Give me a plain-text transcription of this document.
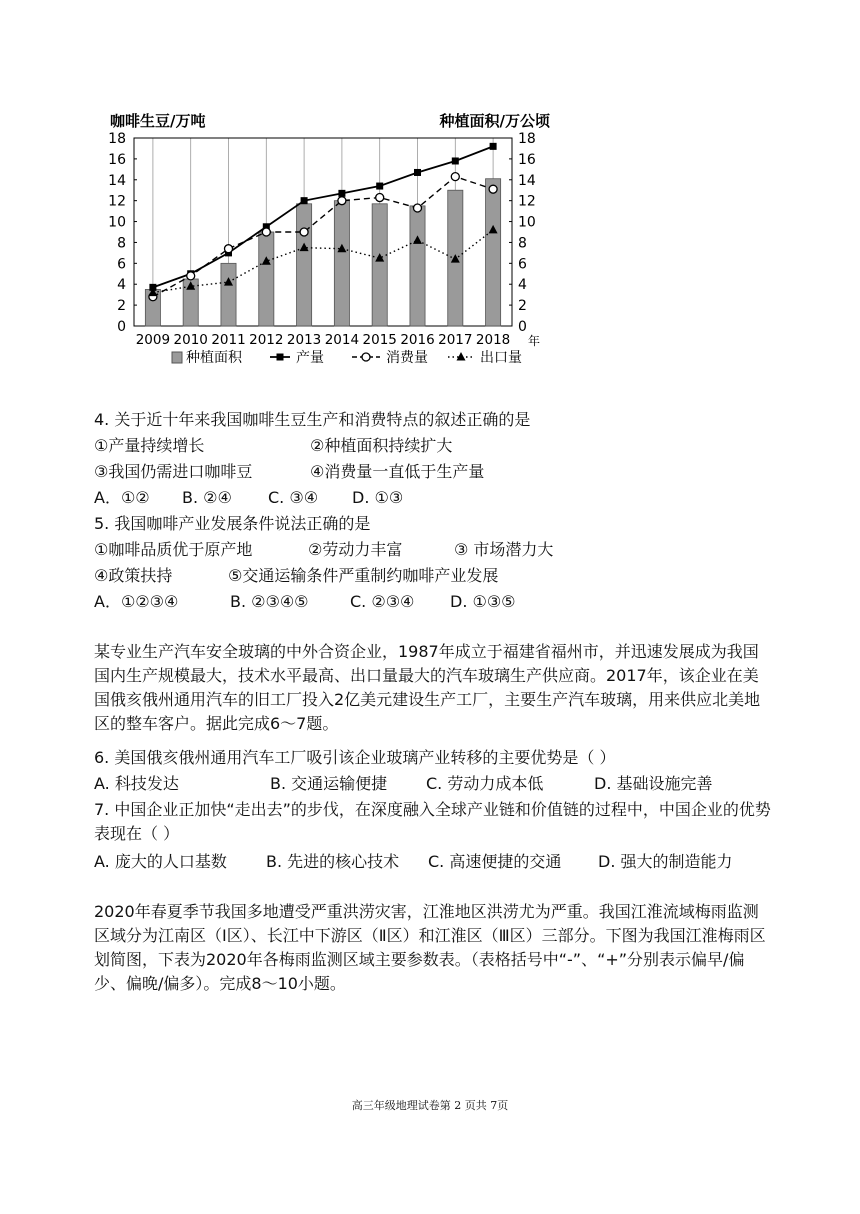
咖啡生豆/万吨	种植面积/万公顷
0
2
4
6
8
10
12
14
16
18
0
2
4
6
8
10
12
14
16
18
2009 2010 2011 2012 2013 2014 2015 2016 2017 2018 年
种植面积	产量	消费量	出口量
4. 关于近十年来我国咖啡生豆生产和消费特点的叙述正确的是
①产量持续增长	②种植面积持续扩大
③我国仍需进口咖啡豆	④消费量一直低于生产量
A．①② B. ②④ C. ③④ D. ①③
5. 我国咖啡产业发展条件说法正确的是
①咖啡品质优于原产地	②劳动力丰富	③ 市场潜力大
④政策扶持	⑤交通运输条件严重制约咖啡产业发展
A．①②③④	B. ②③④⑤	C. ②③④ D. ①③⑤
某专业生产汽车安全玻璃的中外合资企业，1987年成立于福建省福州市，并迅速发展成为我国国内生产规模最大，技术水平最高、出口量最大的汽车玻璃生产供应商。2017年，该企业在美国俄亥俄州通用汽车的旧工厂投入2亿美元建设生产工厂，主要生产汽车玻璃，用来供应北美地区的整车客户。据此完成6～7题。
6. 美国俄亥俄州通用汽车工厂吸引该企业玻璃产业转移的主要优势是（ ）
A. 科技发达	B. 交通运输便捷 C. 劳动力成本低	D. 基础设施完善
7. 中国企业正加快“走出去”的步伐，在深度融入全球产业链和价值链的过程中，中国企业的优势表现在（ ）
A. 庞大的人口基数 B. 先进的核心技术 C. 高速便捷的交通 D. 强大的制造能力
2020年春夏季节我国多地遭受严重洪涝灾害，江淮地区洪涝尤为严重。我国江淮流域梅雨监测区域分为江南区（Ⅰ区）、长江中下游区（Ⅱ区）和江淮区（Ⅲ区）三部分。下图为我国江淮梅雨区划简图，下表为2020年各梅雨监测区域主要参数表。（表格括号中“-”、“+”分别表示偏早/偏少、偏晚/偏多）。完成8～10小题。
高三年级地理试卷第 2 页共 7页
